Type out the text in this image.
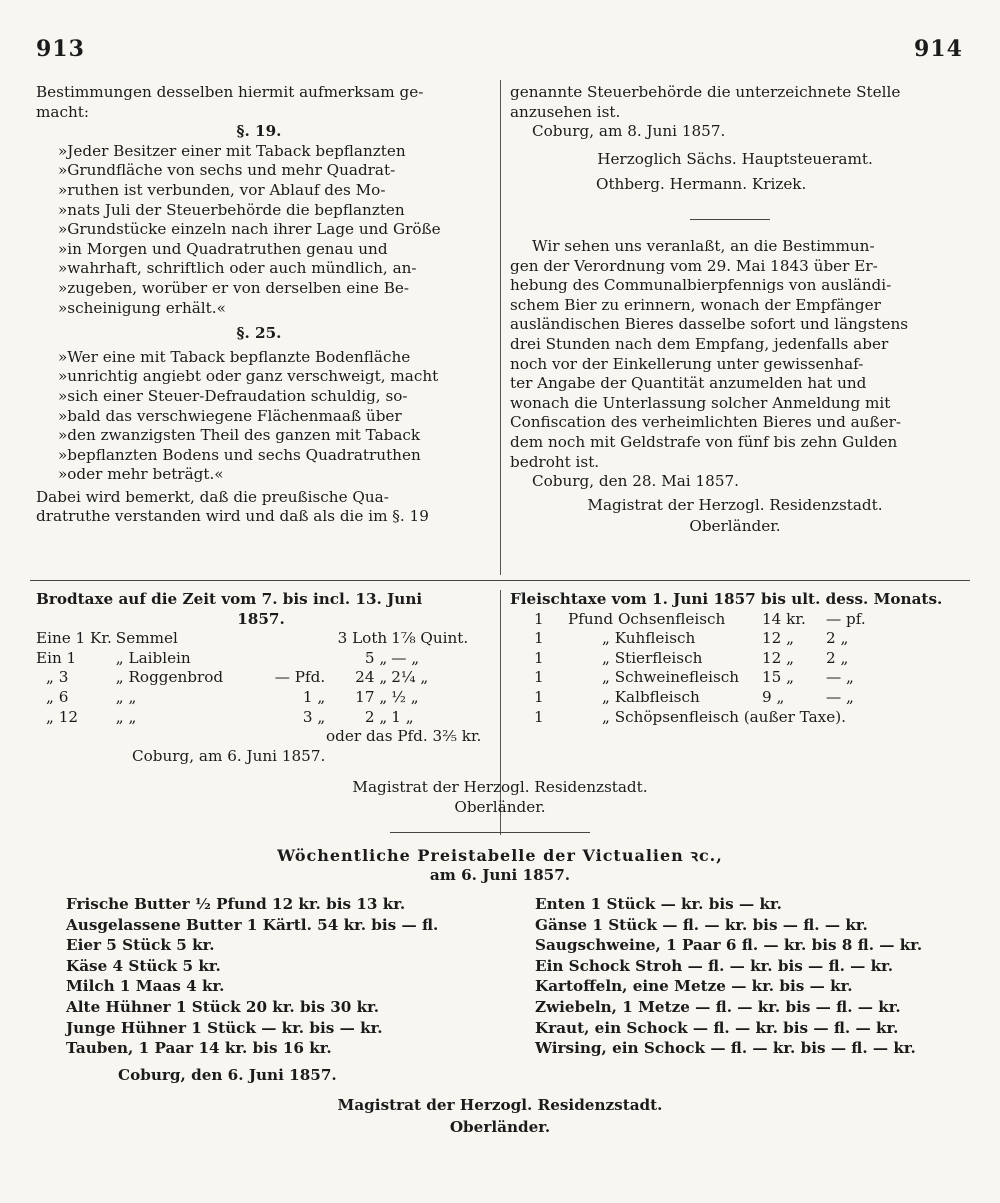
913	914
Bestimmungen desselben hiermit aufmerksam ge-
macht:
§. 19.
»Jeder Besitzer einer mit Taback bepflanzten
»Grundfläche von sechs und mehr Quadrat-
»ruthen ist verbunden, vor Ablauf des Mo-
»nats Juli der Steuerbehörde die bepflanzten
»Grundstücke einzeln nach ihrer Lage und Größe
»in Morgen und Quadratruthen genau und
»wahrhaft, schriftlich oder auch mündlich, an-
»zugeben, worüber er von derselben eine Be-
»scheinigung erhält.«
§. 25.
»Wer eine mit Taback bepflanzte Bodenfläche
»unrichtig angiebt oder ganz verschweigt, macht
»sich einer Steuer-Defraudation schuldig, so-
»bald das verschwiegene Flächenmaaß über
»den zwanzigsten Theil des ganzen mit Taback
»bepflanzten Bodens und sechs Quadratruthen
»oder mehr beträgt.«
Dabei wird bemerkt, daß die preußische Qua-
dratruthe verstanden wird und daß als die im §. 19
genannte Steuerbehörde die unterzeichnete Stelle
anzusehen ist.
Coburg, am 8. Juni 1857.
Herzoglich Sächs. Hauptsteueramt.
Othberg. Hermann. Krizek.
Wir sehen uns veranlaßt, an die Bestimmun-
gen der Verordnung vom 29. Mai 1843 über Er-
hebung des Communalbierpfennigs von ausländi-
schem Bier zu erinnern, wonach der Empfänger
ausländischen Bieres dasselbe sofort und längstens
drei Stunden nach dem Empfang, jedenfalls aber
noch vor der Einkellerung unter gewissenhaf-
ter Angabe der Quantität anzumelden hat und
wonach die Unterlassung solcher Anmeldung mit
Confiscation des verheimlichten Bieres und außer-
dem noch mit Geldstrafe von fünf bis zehn Gulden
bedroht ist.
Coburg, den 28. Mai 1857.
Magistrat der Herzogl. Residenzstadt.
Oberländer.
Brodtaxe auf die Zeit vom 7. bis incl. 13. Juni
1857.
Eine 1 Kr.	Semmel		3 Loth	1⅞ Quint.
Ein 1	„ Laiblein		5 „	— „
„ 3	„ Roggenbrod	— Pfd.	24 „	2¼ „
„ 6	„ „	1 „	17 „	½ „
„ 12	„ „	3 „	2 „	1 „
oder das Pfd. 3⅖ kr.
Coburg, am 6. Juni 1857.
Fleischtaxe vom 1. Juni 1857 bis ult. dess. Monats.
1	Pfund Ochsenfleisch	14 kr.	— pf.
1	„ Kuhfleisch	12 „	2 „
1	„ Stierfleisch	12 „	2 „
1	„ Schweinefleisch	15 „	— „
1	„ Kalbfleisch	9 „	— „
1	„ Schöpsenfleisch (außer Taxe).		
Magistrat der Herzogl. Residenzstadt.
Oberländer.
Wöchentliche Preistabelle der Victualien ꝛc.,
am 6. Juni 1857.
Frische Butter ½ Pfund 12 kr. bis 13 kr.
Ausgelassene Butter 1 Kärtl. 54 kr. bis — fl.
Eier 5 Stück 5 kr.
Käse 4 Stück 5 kr.
Milch 1 Maas 4 kr.
Alte Hühner 1 Stück 20 kr. bis 30 kr.
Junge Hühner 1 Stück — kr. bis — kr.
Tauben, 1 Paar 14 kr. bis 16 kr.
Enten 1 Stück — kr. bis — kr.
Gänse 1 Stück — fl. — kr. bis — fl. — kr.
Saugschweine, 1 Paar 6 fl. — kr. bis 8 fl. — kr.
Ein Schock Stroh — fl. — kr. bis — fl. — kr.
Kartoffeln, eine Metze — kr. bis — kr.
Zwiebeln, 1 Metze — fl. — kr. bis — fl. — kr.
Kraut, ein Schock — fl. — kr. bis — fl. — kr.
Wirsing, ein Schock — fl. — kr. bis — fl. — kr.
Coburg, den 6. Juni 1857.
Magistrat der Herzogl. Residenzstadt.
Oberländer.
